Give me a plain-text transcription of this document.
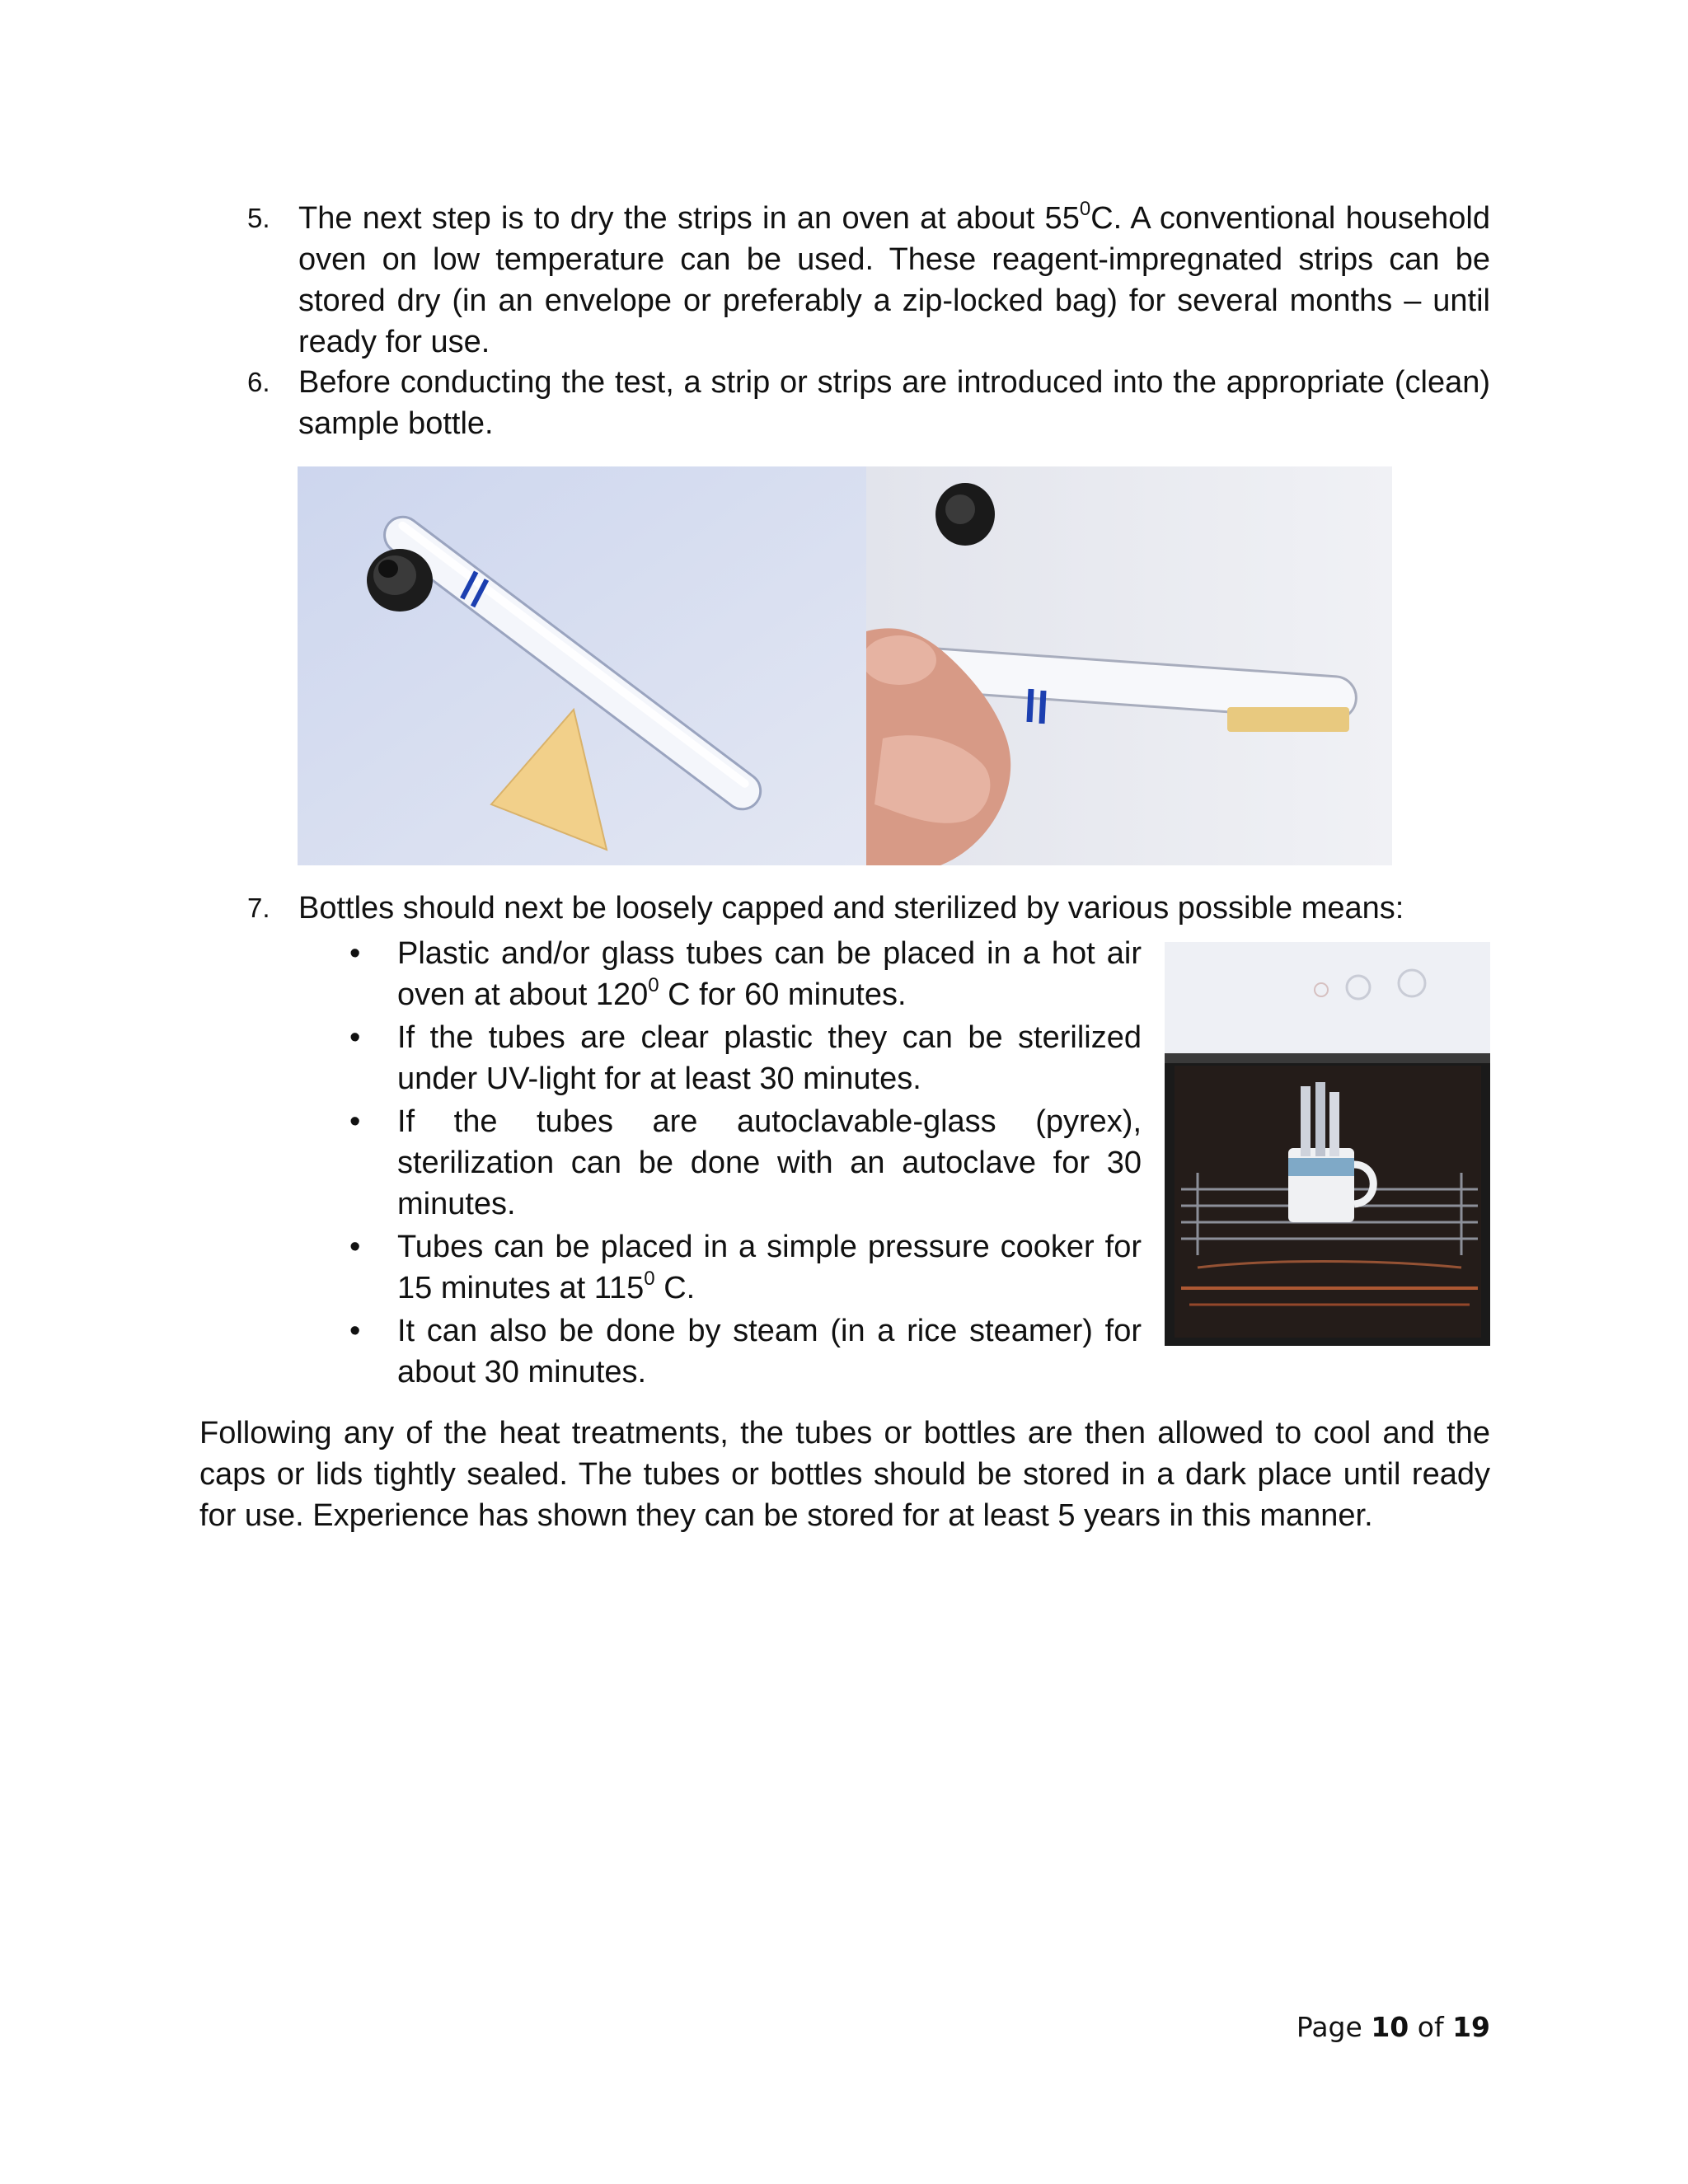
5. The next step is to dry the strips in an oven at about $55^0C$. A conventional household oven on low temperature can be used. These reagent-impregnated strips can be stored dry (in an envelope or preferably a zip-locked bag) for several months – until ready for use.
6. Before conducting the test, a strip or strips are introduced into the appropriate (clean) sample bottle.
7. Bottles should next be loosely capped and sterilized by various possible means:
• Plastic and/or glass tubes can be placed in a hot air oven at about $120^0$ C for 60 minutes.
• If the tubes are clear plastic they can be sterilized under UV-light for at least 30 minutes.
• If the tubes are autoclavable-glass (pyrex), sterilization can be done with an autoclave for 30 minutes.
• Tubes can be placed in a simple pressure cooker for 15 minutes at $115^0$ C.
• It can also be done by steam (in a rice steamer) for about 30 minutes.
Following any of the heat treatments, the tubes or bottles are then allowed to cool and the caps or lids tightly sealed. The tubes or bottles should be stored in a dark place until ready for use. Experience has shown they can be stored for at least 5 years in this manner.
Page 10 of 19
